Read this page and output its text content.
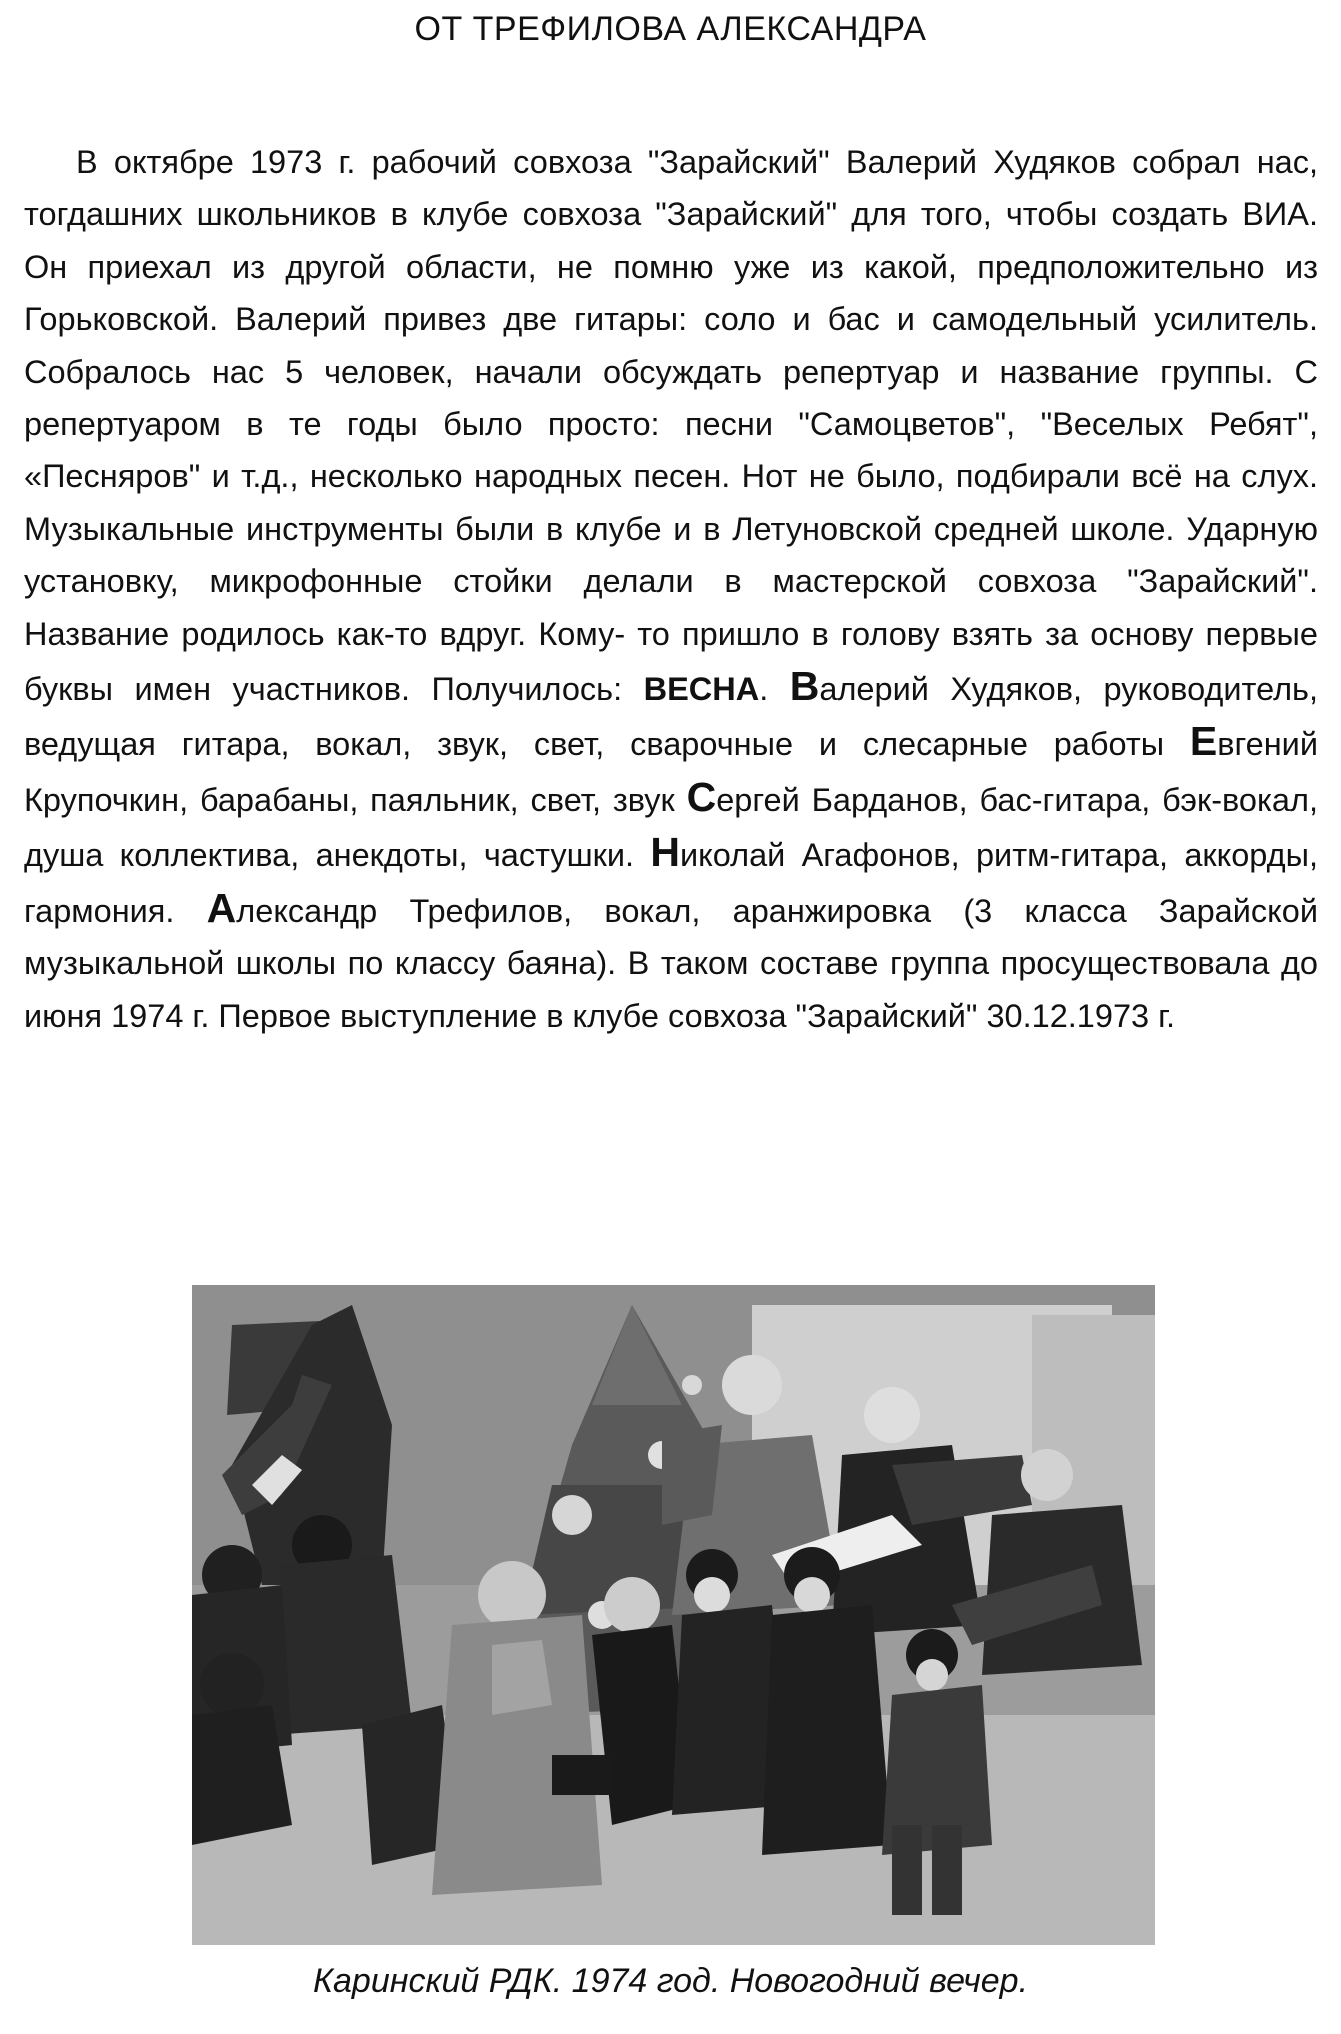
ОТ ТРЕФИЛОВА АЛЕКСАНДРА

В октябре 1973 г. рабочий совхоза "Зарайский" Валерий Худяков собрал нас, тогдашних школьников в клубе совхоза "Зарайский" для того, чтобы создать ВИА. Он приехал из другой области, не помню уже из какой, предположительно из Горьковской. Валерий привез две гитары: соло и бас и самодельный усилитель. Собралось нас 5 человек, начали обсуждать репертуар и название группы. С репертуаром в те годы было просто: песни "Самоцветов", "Веселых Ребят", «Песняров" и т.д., несколько народных песен. Нот не было, подбирали всё на слух. Музыкальные инструменты были в клубе и в Летуновской средней школе. Ударную установку, микрофонные стойки делали в мастерской совхоза "Зарайский". Название родилось как-то вдруг. Кому- то пришло в голову взять за основу первые буквы имен участников. Получилось: ВЕСНА. Валерий Худяков, руководитель, ведущая гитара, вокал, звук, свет, сварочные и слесарные работы Евгений Крупочкин, барабаны, паяльник, свет, звук Сергей Барданов, бас-гитара, бэк-вокал, душа коллектива, анекдоты, частушки. Николай Агафонов, ритм-гитара, аккорды, гармония. Александр Трефилов, вокал, аранжировка (3 класса Зарайской музыкальной школы по классу баяна). В таком составе группа просуществовала до июня 1974 г. Первое выступление в клубе совхоза "Зарайский" 30.12.1973 г.

Каринский РДК. 1974 год. Новогодний вечер.
